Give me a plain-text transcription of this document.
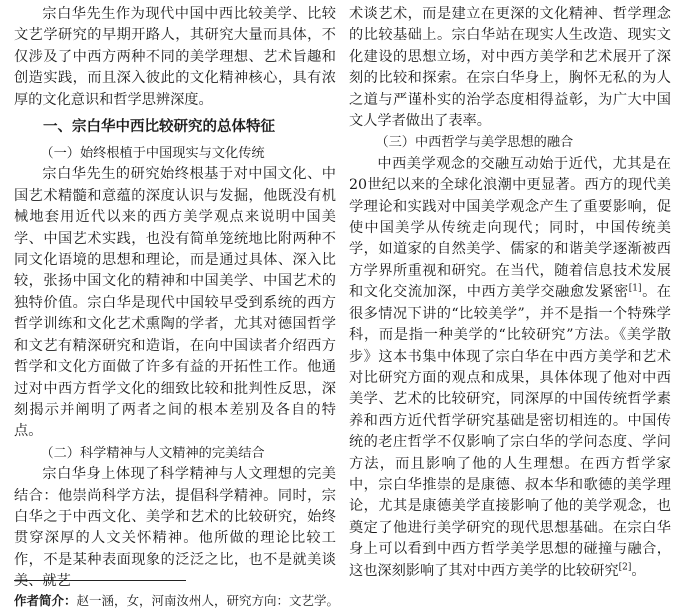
宗白华先生作为现代中国中西比较美学、比较文艺学研究的早期开路人，其研究大量而具体，不仅涉及了中西方两种不同的美学理想、艺术旨趣和创造实践，而且深入彼此的文化精神核心，具有浓厚的文化意识和哲学思辨深度。

一、宗白华中西比较研究的总体特征
（一）始终根植于中国现实与文化传统

宗白华先生的研究始终根基于对中国文化、中国艺术精髓和意蕴的深度认识与发掘，他既没有机械地套用近代以来的西方美学观点来说明中国美学、中国艺术实践，也没有简单笼统地比附两种不同文化语境的思想和理论，而是通过具体、深入比较，张扬中国文化的精神和中国美学、中国艺术的独特价值。宗白华是现代中国较早受到系统的西方哲学训练和文化艺术熏陶的学者，尤其对德国哲学和文艺有精深研究和造诣，在向中国读者介绍西方哲学和文化方面做了许多有益的开拓性工作。他通过对中西方哲学文化的细致比较和批判性反思，深刻揭示并阐明了两者之间的根本差别及各自的特点。

（二）科学精神与人文精神的完美结合

宗白华身上体现了科学精神与人文理想的完美结合：他崇尚科学方法，提倡科学精神。同时，宗白华之于中西文化、美学和艺术的比较研究，始终贯穿深厚的人文关怀精神。他所做的理论比较工作，不是某种表面现象的泛泛之比，也不是就美谈美、就艺

术谈艺术，而是建立在更深的文化精神、哲学理念的比较基础上。宗白华站在现实人生改造、现实文化建设的思想立场，对中西方美学和艺术展开了深刻的比较和探索。在宗白华身上，胸怀无私的为人之道与严谨朴实的治学态度相得益彰，为广大中国文人学者做出了表率。

（三）中西哲学与美学思想的融合

中西美学观念的交融互动始于近代，尤其是在20世纪以来的全球化浪潮中更显著。西方的现代美学理论和实践对中国美学观念产生了重要影响，促使中国美学从传统走向现代；同时，中国传统美学，如道家的自然美学、儒家的和谐美学逐渐被西方学界所重视和研究。在当代，随着信息技术发展和文化交流加深，中西方美学交融愈发紧密[1]。在很多情况下讲的“比较美学”，并不是指一个特殊学科，而是指一种美学的“比较研究”方法。《美学散步》这本书集中体现了宗白华在中西方美学和艺术对比研究方面的观点和成果，具体体现了他对中西美学、艺术的比较研究，同深厚的中国传统哲学素养和西方近代哲学研究基础是密切相连的。中国传统的老庄哲学不仅影响了宗白华的学问态度、学问方法，而且影响了他的人生理想。在西方哲学家中，宗白华推崇的是康德、叔本华和歌德的美学理论，尤其是康德美学直接影响了他的美学观念，也奠定了他进行美学研究的现代思想基础。在宗白华身上可以看到中西方哲学美学思想的碰撞与融合，这也深刻影响了其对中西方美学的比较研究[2]。

作者简介：赵一涵，女，河南汝州人，研究方向：文艺学。
